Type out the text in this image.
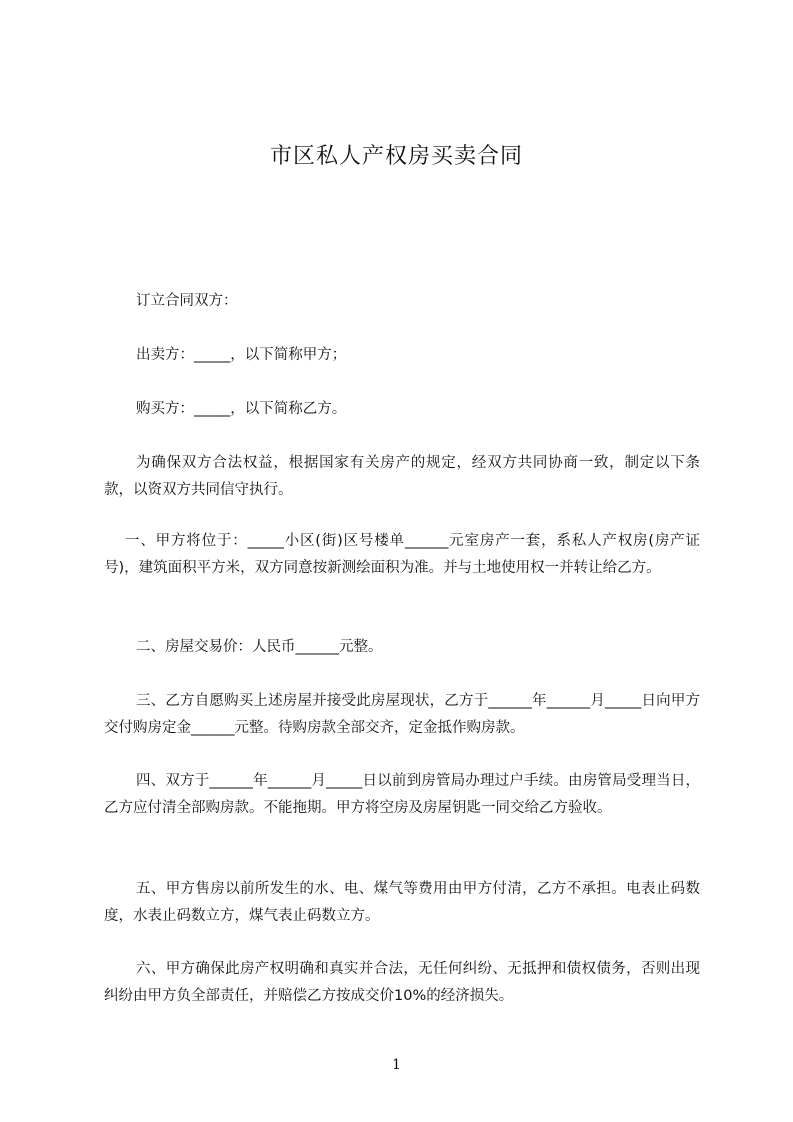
市区私人产权房买卖合同

订立合同双方：

出卖方：_____，以下简称甲方；

购买方：_____，以下简称乙方。

为确保双方合法权益，根据国家有关房产的规定，经双方共同协商一致，制定以下条款，以资双方共同信守执行。

一、甲方将位于：_____小区(街)区号楼单______元室房产一套，系私人产权房(房产证号)，建筑面积平方米，双方同意按新测绘面积为准。并与土地使用权一并转让给乙方。

二、房屋交易价：人民币______元整。

三、乙方自愿购买上述房屋并接受此房屋现状，乙方于______年______月_____日向甲方交付购房定金______元整。待购房款全部交齐，定金抵作购房款。

四、双方于______年______月_____日以前到房管局办理过户手续。由房管局受理当日，乙方应付清全部购房款。不能拖期。甲方将空房及房屋钥匙一同交给乙方验收。

五、甲方售房以前所发生的水、电、煤气等费用由甲方付清，乙方不承担。电表止码数度，水表止码数立方，煤气表止码数立方。

六、甲方确保此房产权明确和真实并合法，无任何纠纷、无抵押和债权债务，否则出现纠纷由甲方负全部责任，并赔偿乙方按成交价10%的经济损失。

1
